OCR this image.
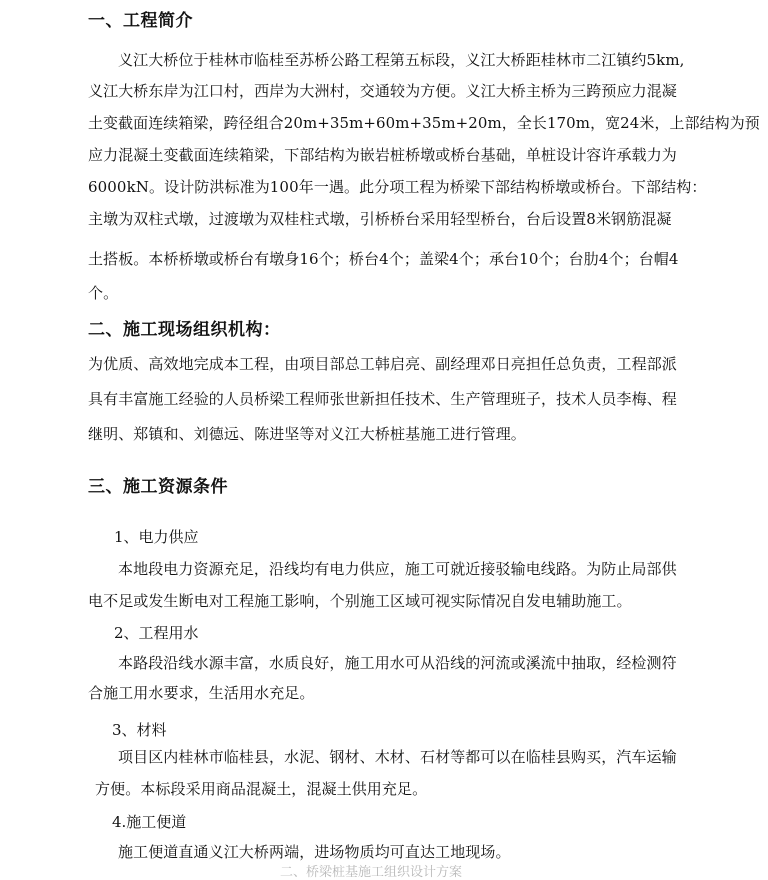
一、工程简介
义江大桥位于桂林市临桂至苏桥公路工程第五标段，义江大桥距桂林市二江镇约5km,
义江大桥东岸为江口村，西岸为大洲村，交通较为方便。义江大桥主桥为三跨预应力混凝
土变截面连续箱梁，跨径组合20m+35m+60m+35m+20m，全长170m，宽24米，上部结构为预
应力混凝土变截面连续箱梁，下部结构为嵌岩桩桥墩或桥台基础，单桩设计容许承载力为
6000kN。设计防洪标准为100年一遇。此分项工程为桥梁下部结构桥墩或桥台。下部结构：
主墩为双柱式墩，过渡墩为双桂柱式墩，引桥桥台采用轻型桥台，台后设置8米钢筋混凝
土搭板。本桥桥墩或桥台有墩身16个；桥台4个；盖梁4个；承台10个；台肋4个；台帽4
个。
二、施工现场组织机构：
为优质、高效地完成本工程，由项目部总工韩启亮、副经理邓日亮担任总负责，工程部派
具有丰富施工经验的人员桥梁工程师张世新担任技术、生产管理班子，技术人员李梅、程
继明、郑镇和、刘德远、陈进坚等对义江大桥桩基施工进行管理。
三、施工资源条件
1、电力供应
本地段电力资源充足，沿线均有电力供应，施工可就近接驳输电线路。为防止局部供
电不足或发生断电对工程施工影响，个别施工区域可视实际情况自发电辅助施工。
2、工程用水
本路段沿线水源丰富，水质良好，施工用水可从沿线的河流或溪流中抽取，经检测符
合施工用水要求，生活用水充足。
3、材料
项目区内桂林市临桂县，水泥、钢材、木材、石材等都可以在临桂县购买，汽车运输
方便。本标段采用商品混凝土，混凝土供用充足。
4.施工便道
施工便道直通义江大桥两端，进场物质均可直达工地现场。
二、桥梁桩基施工组织设计方案
